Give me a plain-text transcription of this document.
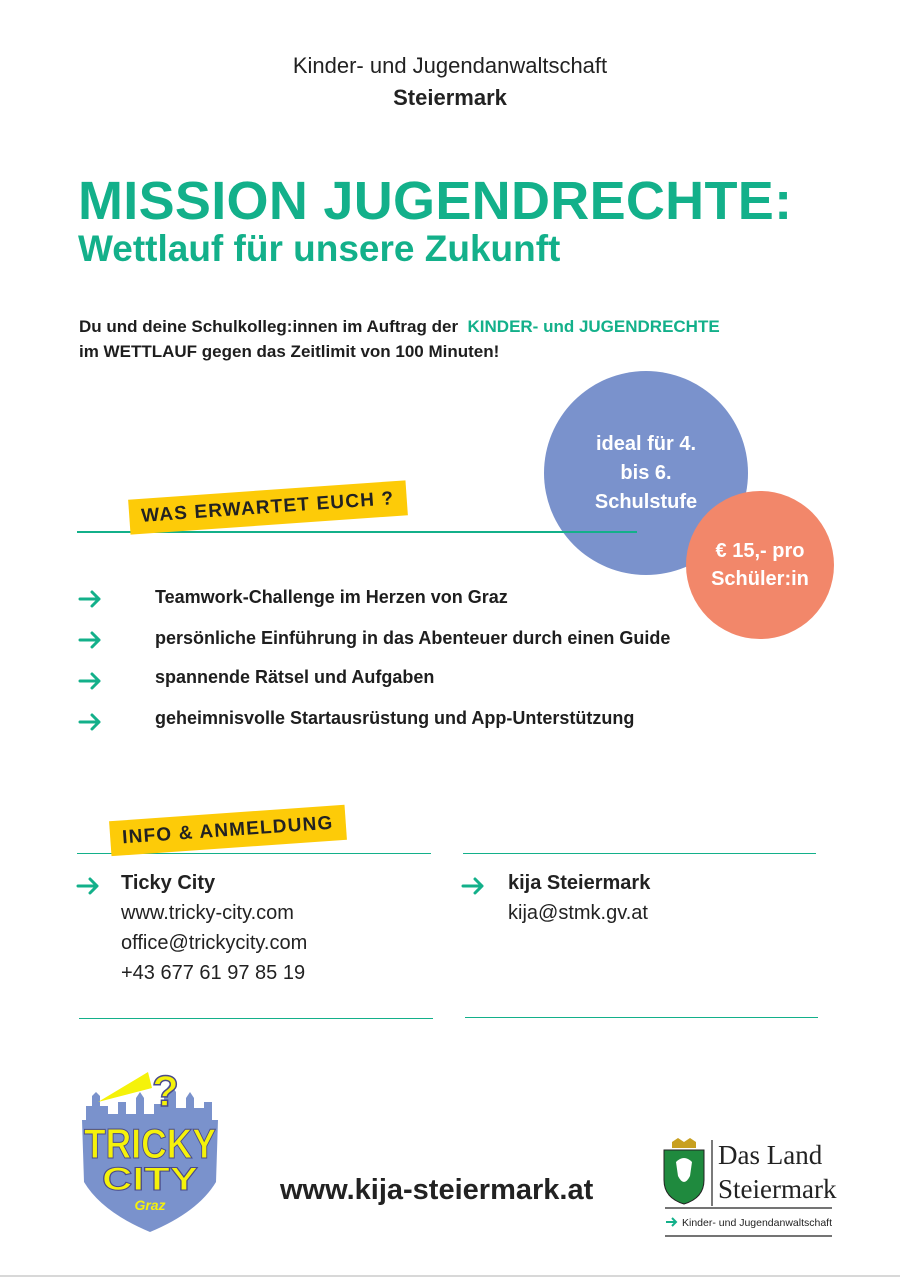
Kinder- und Jugendanwaltschaft
Steiermark
MISSION JUGENDRECHTE:
Wettlauf für unsere Zukunft
Du und deine Schulkolleg:innen im Auftrag der KINDER- und JUGENDRECHTE
im WETTLAUF gegen das Zeitlimit von 100 Minuten!
ideal für 4.
bis 6.
Schulstufe
€ 15,- pro
Schüler:in
WAS ERWARTET EUCH ?
Teamwork-Challenge im Herzen von Graz
persönliche Einführung in das Abenteuer durch einen Guide
spannende Rätsel und Aufgaben
geheimnisvolle Startausrüstung und App-Unterstützung
INFO & ANMELDUNG
Ticky City
www.tricky-city.com
office@trickycity.com
+43 677 61 97 85 19
kija Steiermark
kija@stmk.gv.at
?
TRICKY
CITY
Graz	www.kija-steiermark.at
Das Land
Steiermark
Kinder- und Jugendanwaltschaft
